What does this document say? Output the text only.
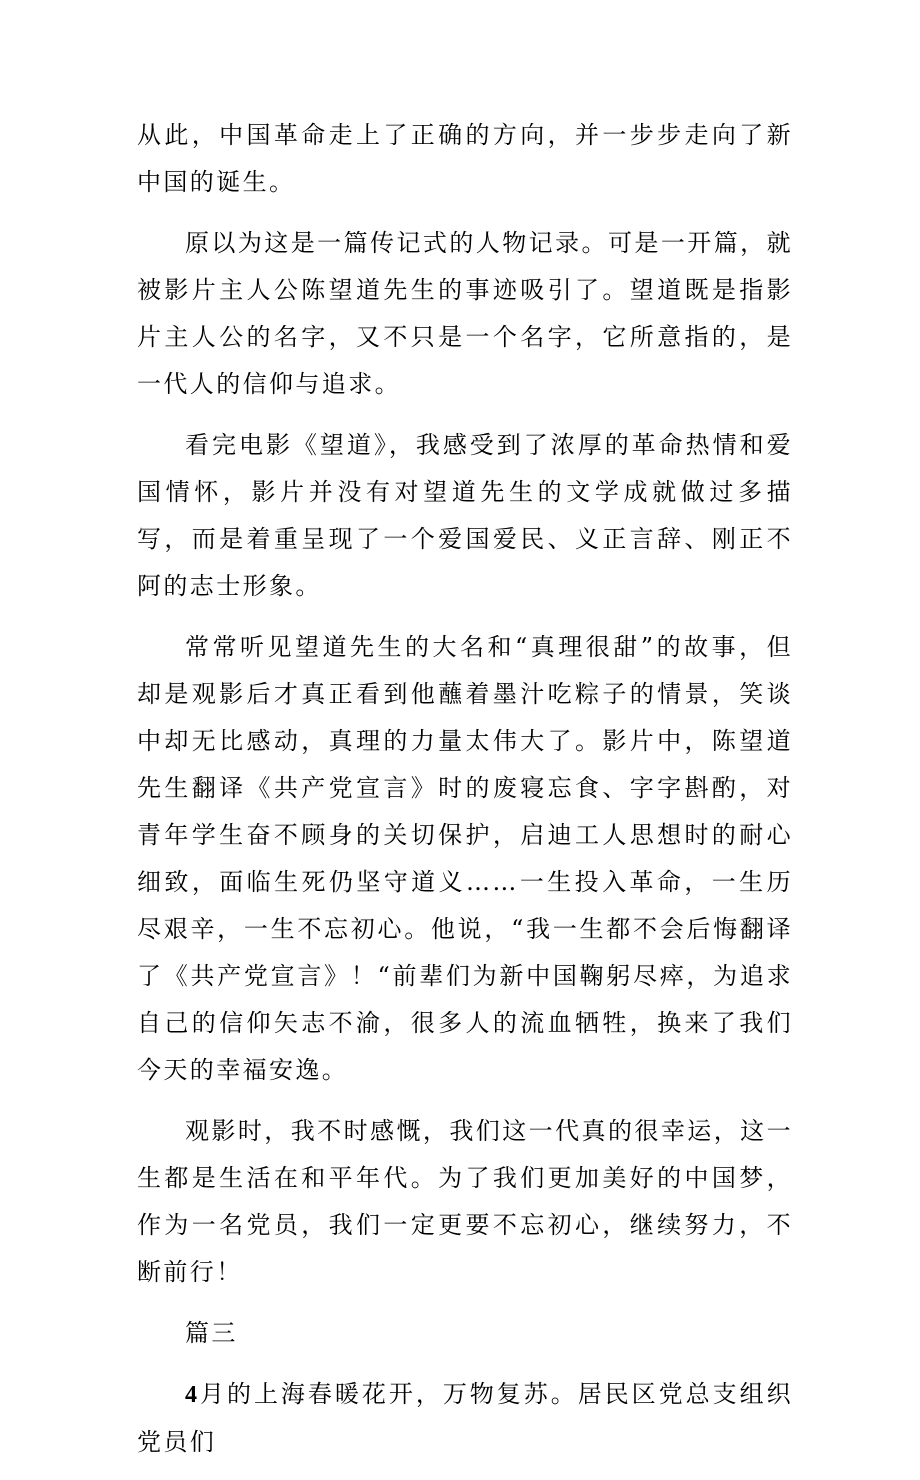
从此，中国革命走上了正确的方向，并一步步走向了新中国的诞生。

原以为这是一篇传记式的人物记录。可是一开篇，就被影片主人公陈望道先生的事迹吸引了。望道既是指影片主人公的名字，又不只是一个名字，它所意指的，是一代人的信仰与追求。

看完电影《望道》，我感受到了浓厚的革命热情和爱国情怀，影片并没有对望道先生的文学成就做过多描写，而是着重呈现了一个爱国爱民、义正言辞、刚正不阿的志士形象。

常常听见望道先生的大名和“真理很甜”的故事，但却是观影后才真正看到他蘸着墨汁吃粽子的情景，笑谈中却无比感动，真理的力量太伟大了。影片中，陈望道先生翻译《共产党宣言》时的废寝忘食、字字斟酌，对青年学生奋不顾身的关切保护，启迪工人思想时的耐心细致，面临生死仍坚守道义……一生投入革命，一生历尽艰辛，一生不忘初心。他说，“我一生都不会后悔翻译了《共产党宣言》！“前辈们为新中国鞠躬尽瘁，为追求自己的信仰矢志不渝，很多人的流血牺牲，换来了我们今天的幸福安逸。

观影时，我不时感慨，我们这一代真的很幸运，这一生都是生活在和平年代。为了我们更加美好的中国梦，作为一名党员，我们一定更要不忘初心，继续努力，不断前行！

篇三

4月的上海春暖花开，万物复苏。居民区党总支组织党员们
